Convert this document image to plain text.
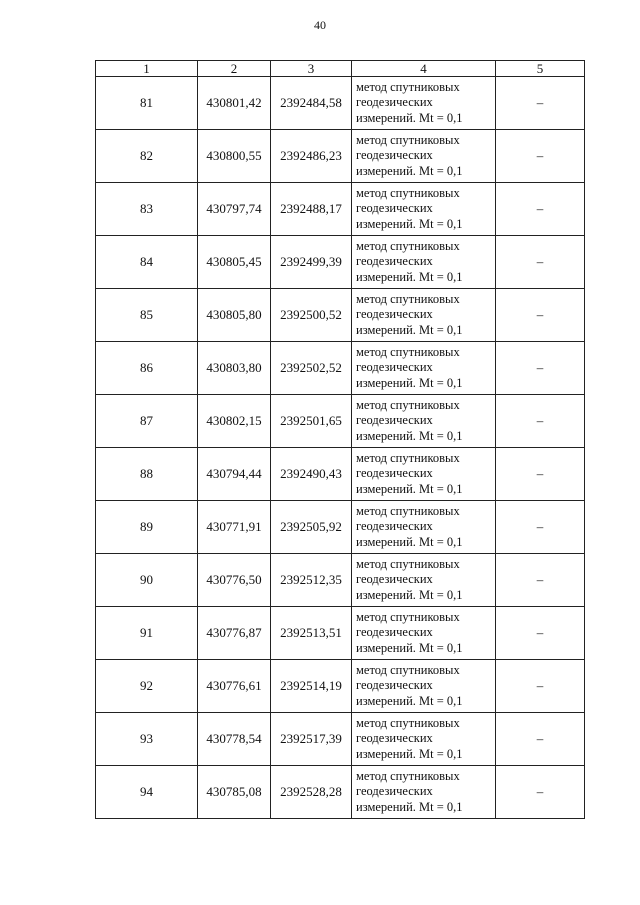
40
1	2	3	4	5
81	430801,42	2392484,58	метод спутниковых
геодезических
измерений. Mt = 0,1	–
82	430800,55	2392486,23	метод спутниковых
геодезических
измерений. Mt = 0,1	–
83	430797,74	2392488,17	метод спутниковых
геодезических
измерений. Mt = 0,1	–
84	430805,45	2392499,39	метод спутниковых
геодезических
измерений. Mt = 0,1	–
85	430805,80	2392500,52	метод спутниковых
геодезических
измерений. Mt = 0,1	–
86	430803,80	2392502,52	метод спутниковых
геодезических
измерений. Mt = 0,1	–
87	430802,15	2392501,65	метод спутниковых
геодезических
измерений. Mt = 0,1	–
88	430794,44	2392490,43	метод спутниковых
геодезических
измерений. Mt = 0,1	–
89	430771,91	2392505,92	метод спутниковых
геодезических
измерений. Mt = 0,1	–
90	430776,50	2392512,35	метод спутниковых
геодезических
измерений. Mt = 0,1	–
91	430776,87	2392513,51	метод спутниковых
геодезических
измерений. Mt = 0,1	–
92	430776,61	2392514,19	метод спутниковых
геодезических
измерений. Mt = 0,1	–
93	430778,54	2392517,39	метод спутниковых
геодезических
измерений. Mt = 0,1	–
94	430785,08	2392528,28	метод спутниковых
геодезических
измерений. Mt = 0,1	–
